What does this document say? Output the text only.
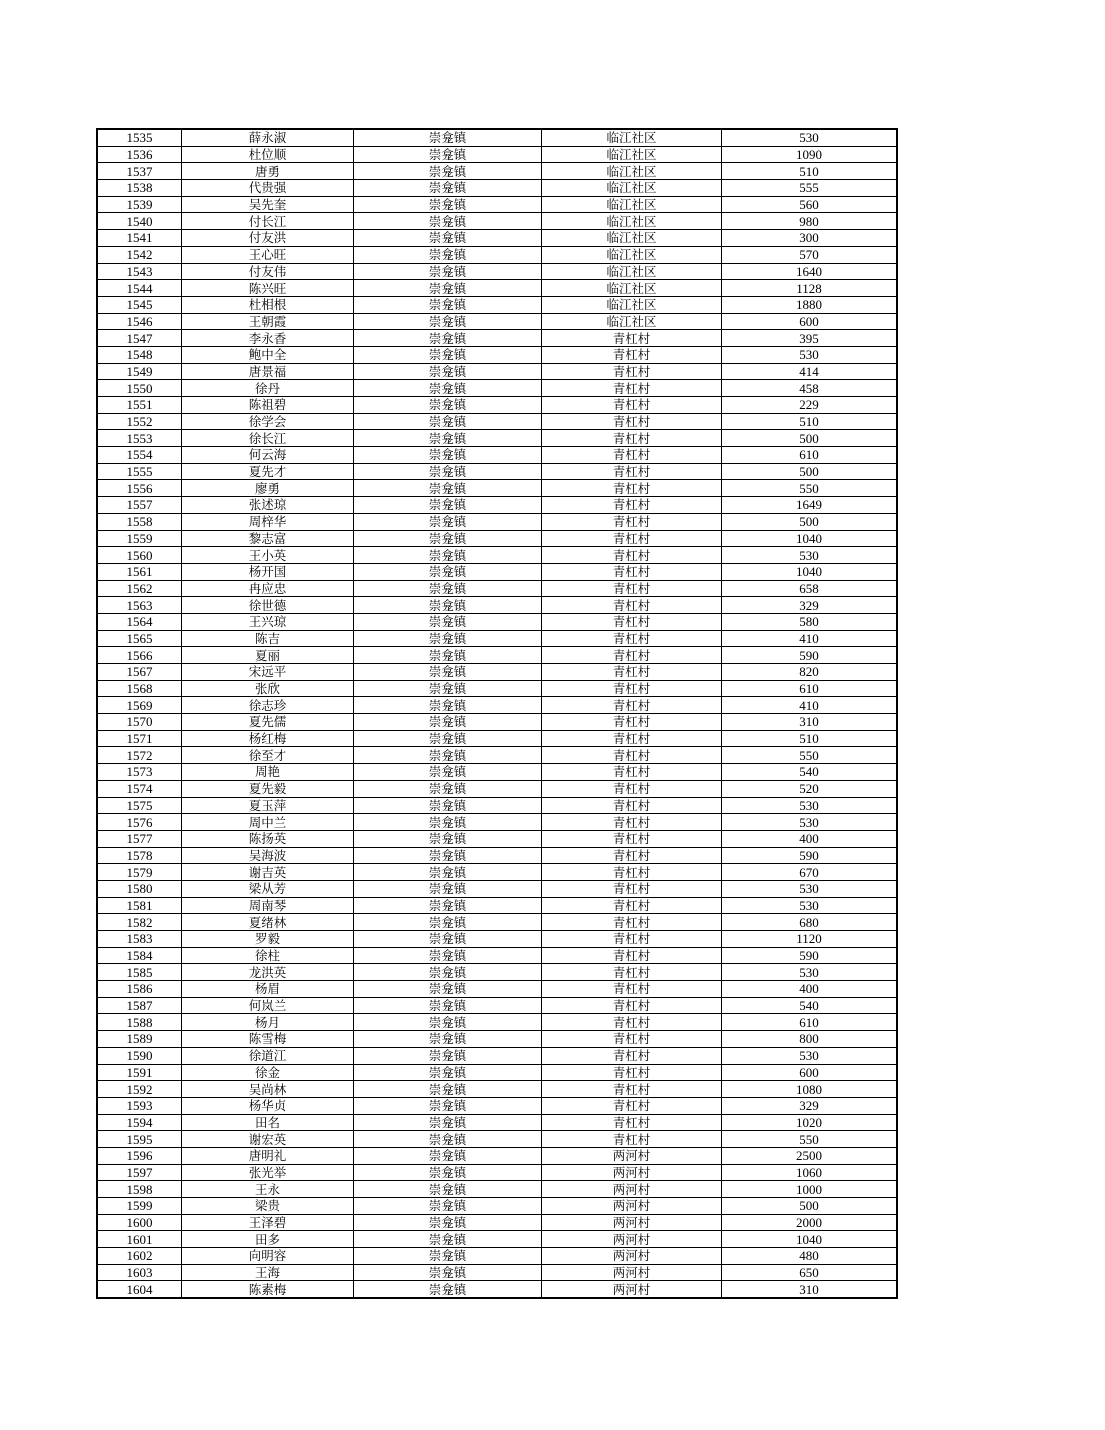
1535	薛永淑	崇龛镇	临江社区	530
1536	杜位顺	崇龛镇	临江社区	1090
1537	唐勇	崇龛镇	临江社区	510
1538	代贵强	崇龛镇	临江社区	555
1539	吴先奎	崇龛镇	临江社区	560
1540	付长江	崇龛镇	临江社区	980
1541	付友洪	崇龛镇	临江社区	300
1542	王心旺	崇龛镇	临江社区	570
1543	付友伟	崇龛镇	临江社区	1640
1544	陈兴旺	崇龛镇	临江社区	1128
1545	杜相根	崇龛镇	临江社区	1880
1546	王朝霞	崇龛镇	临江社区	600
1547	李永香	崇龛镇	青杠村	395
1548	鲍中全	崇龛镇	青杠村	530
1549	唐景福	崇龛镇	青杠村	414
1550	徐丹	崇龛镇	青杠村	458
1551	陈祖碧	崇龛镇	青杠村	229
1552	徐学会	崇龛镇	青杠村	510
1553	徐长江	崇龛镇	青杠村	500
1554	何云海	崇龛镇	青杠村	610
1555	夏先才	崇龛镇	青杠村	500
1556	廖勇	崇龛镇	青杠村	550
1557	张述琼	崇龛镇	青杠村	1649
1558	周梓华	崇龛镇	青杠村	500
1559	黎志富	崇龛镇	青杠村	1040
1560	王小英	崇龛镇	青杠村	530
1561	杨开国	崇龛镇	青杠村	1040
1562	冉应忠	崇龛镇	青杠村	658
1563	徐世德	崇龛镇	青杠村	329
1564	王兴琼	崇龛镇	青杠村	580
1565	陈吉	崇龛镇	青杠村	410
1566	夏丽	崇龛镇	青杠村	590
1567	宋远平	崇龛镇	青杠村	820
1568	张欣	崇龛镇	青杠村	610
1569	徐志珍	崇龛镇	青杠村	410
1570	夏先儒	崇龛镇	青杠村	310
1571	杨红梅	崇龛镇	青杠村	510
1572	徐至才	崇龛镇	青杠村	550
1573	周艳	崇龛镇	青杠村	540
1574	夏先毅	崇龛镇	青杠村	520
1575	夏玉萍	崇龛镇	青杠村	530
1576	周中兰	崇龛镇	青杠村	530
1577	陈扬英	崇龛镇	青杠村	400
1578	吴海波	崇龛镇	青杠村	590
1579	谢吉英	崇龛镇	青杠村	670
1580	梁从芳	崇龛镇	青杠村	530
1581	周南琴	崇龛镇	青杠村	530
1582	夏绪林	崇龛镇	青杠村	680
1583	罗毅	崇龛镇	青杠村	1120
1584	徐柱	崇龛镇	青杠村	590
1585	龙洪英	崇龛镇	青杠村	530
1586	杨眉	崇龛镇	青杠村	400
1587	何岚兰	崇龛镇	青杠村	540
1588	杨月	崇龛镇	青杠村	610
1589	陈雪梅	崇龛镇	青杠村	800
1590	徐道江	崇龛镇	青杠村	530
1591	徐金	崇龛镇	青杠村	600
1592	吴尚林	崇龛镇	青杠村	1080
1593	杨华贞	崇龛镇	青杠村	329
1594	田名	崇龛镇	青杠村	1020
1595	谢宏英	崇龛镇	青杠村	550
1596	唐明礼	崇龛镇	两河村	2500
1597	张光举	崇龛镇	两河村	1060
1598	王永	崇龛镇	两河村	1000
1599	梁贵	崇龛镇	两河村	500
1600	王泽碧	崇龛镇	两河村	2000
1601	田多	崇龛镇	两河村	1040
1602	向明容	崇龛镇	两河村	480
1603	王海	崇龛镇	两河村	650
1604	陈素梅	崇龛镇	两河村	310
